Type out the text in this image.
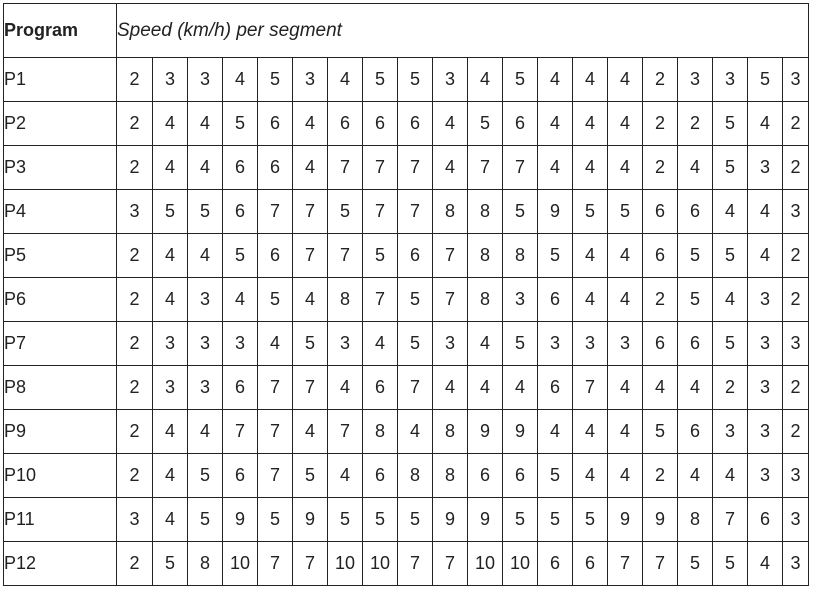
Program	Speed (km/h) per segment																			
P1	2	3	3	4	5	3	4	5	5	3	4	5	4	4	4	2	3	3	5	3
P2	2	4	4	5	6	4	6	6	6	4	5	6	4	4	4	2	2	5	4	2
P3	2	4	4	6	6	4	7	7	7	4	7	7	4	4	4	2	4	5	3	2
P4	3	5	5	6	7	7	5	7	7	8	8	5	9	5	5	6	6	4	4	3
P5	2	4	4	5	6	7	7	5	6	7	8	8	5	4	4	6	5	5	4	2
P6	2	4	3	4	5	4	8	7	5	7	8	3	6	4	4	2	5	4	3	2
P7	2	3	3	3	4	5	3	4	5	3	4	5	3	3	3	6	6	5	3	3
P8	2	3	3	6	7	7	4	6	7	4	4	4	6	7	4	4	4	2	3	2
P9	2	4	4	7	7	4	7	8	4	8	9	9	4	4	4	5	6	3	3	2
P10	2	4	5	6	7	5	4	6	8	8	6	6	5	4	4	2	4	4	3	3
P11	3	4	5	9	5	9	5	5	5	9	9	5	5	5	9	9	8	7	6	3
P12	2	5	8	10	7	7	10	10	7	7	10	10	6	6	7	7	5	5	4	3
